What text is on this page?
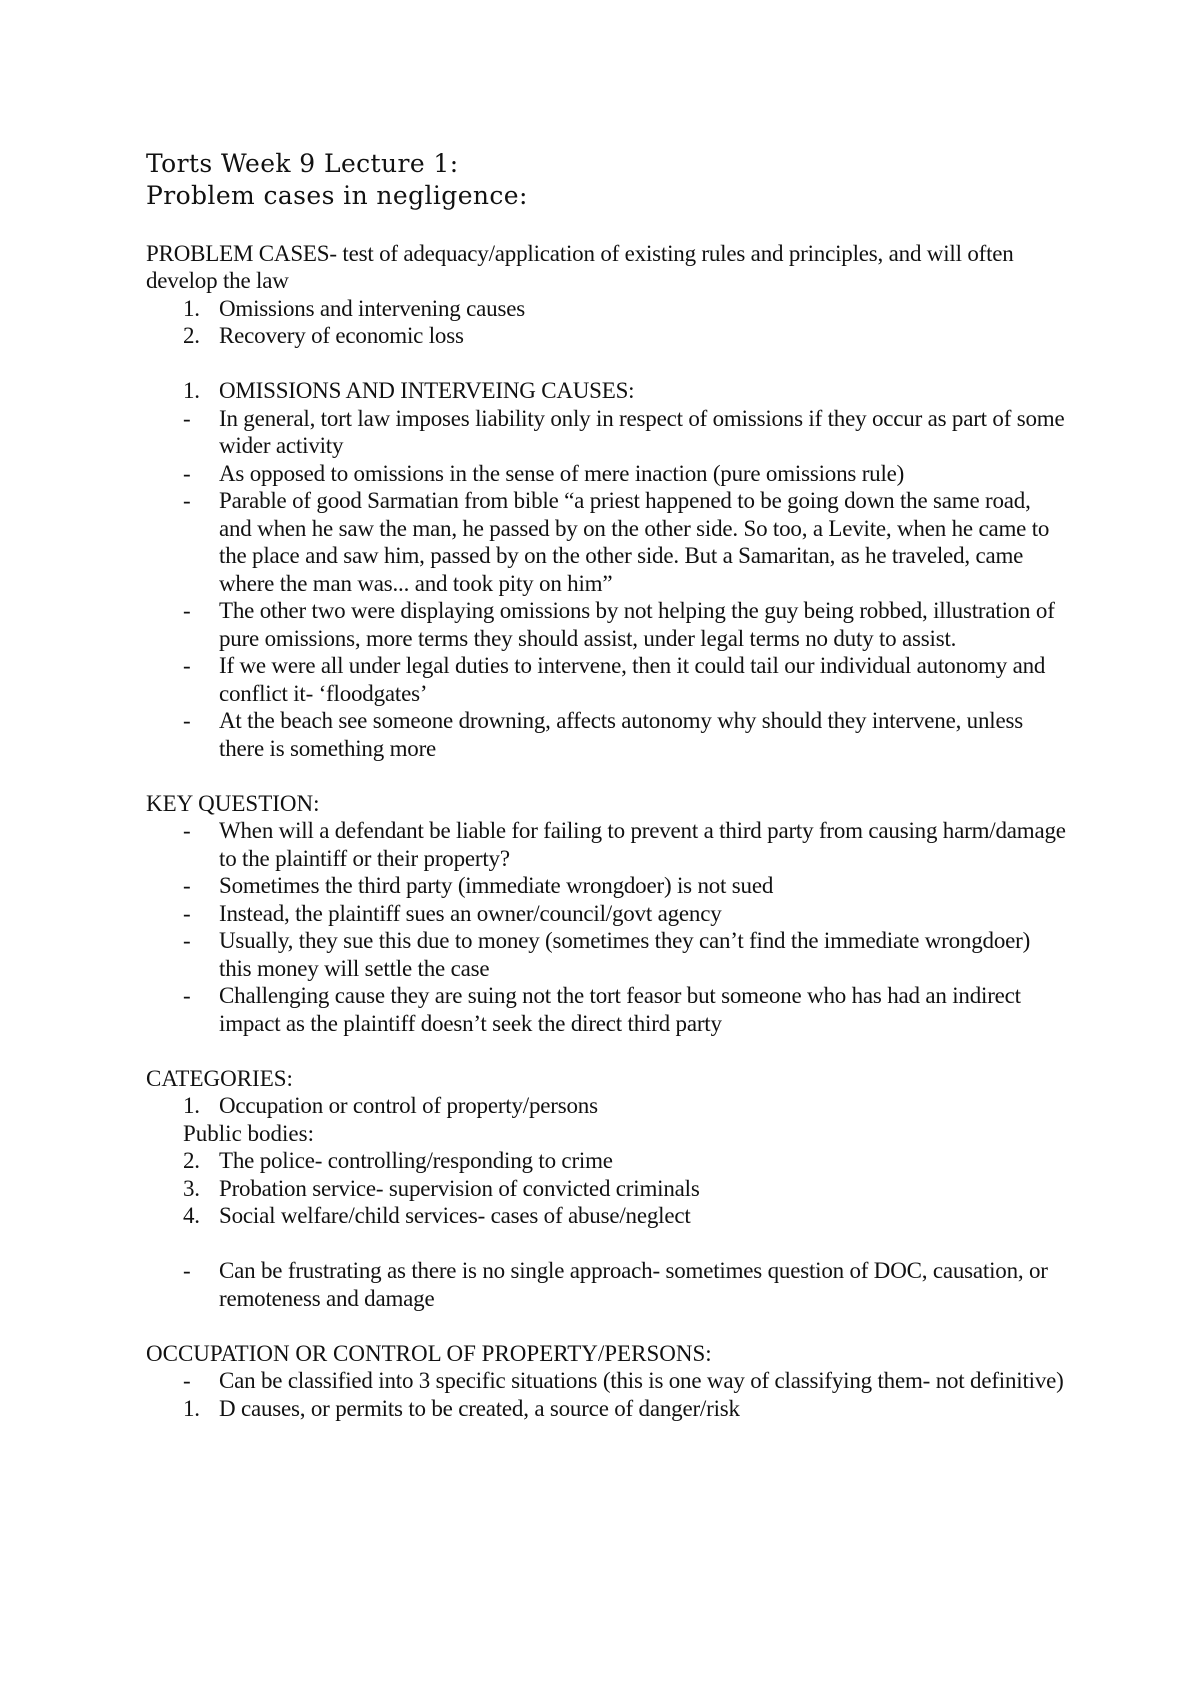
Torts Week 9 Lecture 1:
Problem cases in negligence:
PROBLEM CASES- test of adequacy/application of existing rules and principles, and will often develop the law
1. Omissions and intervening causes
2. Recovery of economic loss
1. OMISSIONS AND INTERVEING CAUSES:
-	In general, tort law imposes liability only in respect of omissions if they occur as part of some wider activity
-	As opposed to omissions in the sense of mere inaction (pure omissions rule)
-	Parable of good Sarmatian from bible “a priest happened to be going down the same road, and when he saw the man, he passed by on the other side. So too, a Levite, when he came to the place and saw him, passed by on the other side. But a Samaritan, as he traveled, came where the man was... and took pity on him”
-	The other two were displaying omissions by not helping the guy being robbed, illustration of pure omissions, more terms they should assist, under legal terms no duty to assist.
-	If we were all under legal duties to intervene, then it could tail our individual autonomy and conflict it- ‘floodgates’
-	At the beach see someone drowning, affects autonomy why should they intervene, unless there is something more
KEY QUESTION:
-	When will a defendant be liable for failing to prevent a third party from causing harm/damage to the plaintiff or their property?
-	Sometimes the third party (immediate wrongdoer) is not sued
-	Instead, the plaintiff sues an owner/council/govt agency
-	Usually, they sue this due to money (sometimes they can’t find the immediate wrongdoer) this money will settle the case
-	Challenging cause they are suing not the tort feasor but someone who has had an indirect impact as the plaintiff doesn’t seek the direct third party
CATEGORIES:
1. Occupation or control of property/persons
Public bodies:
2. The police- controlling/responding to crime
3. Probation service- supervision of convicted criminals
4. Social welfare/child services- cases of abuse/neglect
-	Can be frustrating as there is no single approach- sometimes question of DOC, causation, or remoteness and damage
OCCUPATION OR CONTROL OF PROPERTY/PERSONS:
-	Can be classified into 3 specific situations (this is one way of classifying them- not definitive)
1. D causes, or permits to be created, a source of danger/risk
